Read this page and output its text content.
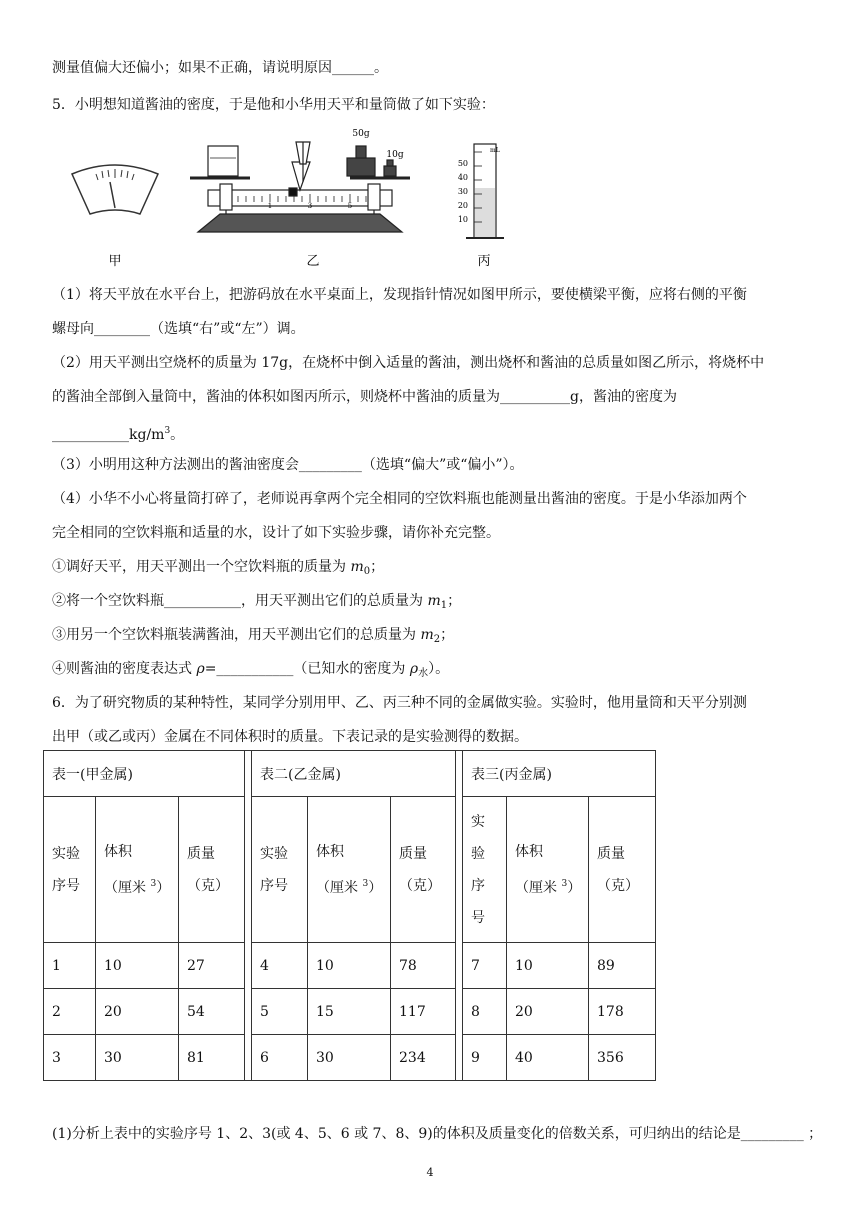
测量值偏大还偏小；如果不正确，请说明原因______。
5．小明想知道酱油的密度，于是他和小华用天平和量筒做了如下实验：
甲
50g
10g
1	3	5
乙
mL
50
40
30
20
10
丙
（1）将天平放在水平台上，把游码放在水平桌面上，发现指针情况如图甲所示，要使横梁平衡，应将右侧的平衡
螺母向________（选填“右”或“左”）调。
（2）用天平测出空烧杯的质量为 17g，在烧杯中倒入适量的酱油，测出烧杯和酱油的总质量如图乙所示，将烧杯中
的酱油全部倒入量筒中，酱油的体积如图丙所示，则烧杯中酱油的质量为__________g，酱油的密度为
$\_\_\_\_\_\_\_\_\_\_\_kg/m^3$。
（3）小明用这种方法测出的酱油密度会_________（选填“偏大”或“偏小”）。
（4）小华不小心将量筒打碎了，老师说再拿两个完全相同的空饮料瓶也能测量出酱油的密度。于是小华添加两个
完全相同的空饮料瓶和适量的水，设计了如下实验步骤，请你补充完整。
①调好天平，用天平测出一个空饮料瓶的质量为 $m_0$；
②将一个空饮料瓶___________，用天平测出它们的总质量为 $m_1$；
③用另一个空饮料瓶装满酱油，用天平测出它们的总质量为 $m_2$；
④则酱油的密度表达式 ρ=___________（已知水的密度为 $\rho_水$）。
6．为了研究物质的某种特性，某同学分别用甲、乙、丙三种不同的金属做实验。实验时，他用量筒和天平分别测
出甲（或乙或丙）金属在不同体积时的质量。下表记录的是实验测得的数据。
表一(甲金属)				表二(乙金属)				表三(丙金属)		
实验
序号	体积
（厘米 $^3$）	质量
（克）		实验
序号	体积
（厘米 $^3$）	质量
（克）		实
验
序
号	体积
（厘米 $^3$）	质量
（克）
1	10	27		4	10	78		7	10	89
2	20	54		5	15	117		8	20	178
3	30	81		6	30	234		9	40	356
(1)分析上表中的实验序号 1、2、3(或 4、5、6 或 7、8、9)的体积及质量变化的倍数关系，可归纳出的结论是_________ ；
4
